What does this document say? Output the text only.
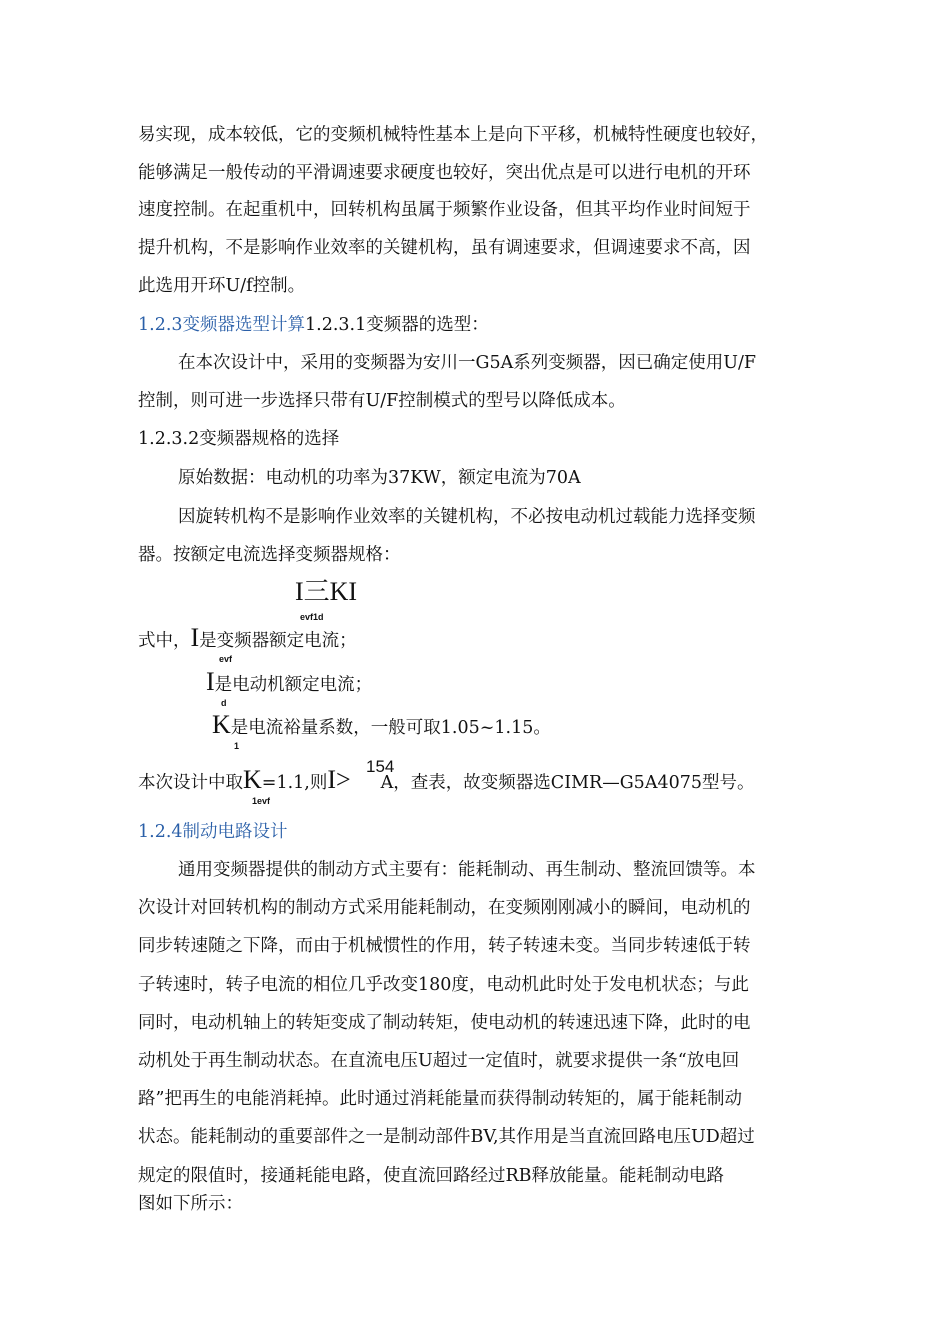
易实现，成本较低，它的变频机械特性基本上是向下平移，机械特性硬度也较好，
能够满足一般传动的平滑调速要求硬度也较好，突出优点是可以进行电机的开环
速度控制。在起重机中，回转机构虽属于频繁作业设备，但其平均作业时间短于
提升机构，不是影响作业效率的关键机构，虽有调速要求，但调速要求不高，因
此选用开环U/f控制。
1.2.3变频器选型计算1.2.3.1变频器的选型：
在本次设计中，采用的变频器为安川一G5A系列变频器，因已确定使用U/F
控制，则可进一步选择只带有U/F控制模式的型号以降低成本。
1.2.3.2变频器规格的选择
原始数据：电动机的功率为37KW，额定电流为70A
因旋转机构不是影响作业效率的关键机构，不必按电动机过载能力选择变频
器。按额定电流选择变频器规格：
I三KI
evf1d
式中，I是变频器额定电流；
evf
I是电动机额定电流；
d
K是电流裕量系数，一般可取1.05~1.15。
1
本次设计中取K=1.1,则I> A，查表，故变频器选CIMR—G5A4075型号。
154
1evf
1.2.4制动电路设计
通用变频器提供的制动方式主要有：能耗制动、再生制动、整流回馈等。本
次设计对回转机构的制动方式采用能耗制动，在变频刚刚减小的瞬间，电动机的
同步转速随之下降，而由于机械惯性的作用，转子转速未变。当同步转速低于转
子转速时，转子电流的相位几乎改变180度，电动机此时处于发电机状态；与此
同时，电动机轴上的转矩变成了制动转矩，使电动机的转速迅速下降，此时的电
动机处于再生制动状态。在直流电压U超过一定值时，就要求提供一条“放电回
路”把再生的电能消耗掉。此时通过消耗能量而获得制动转矩的，属于能耗制动
状态。能耗制动的重要部件之一是制动部件BV,其作用是当直流回路电压UD超过
规定的限值时，接通耗能电路，使直流回路经过RB释放能量。能耗制动电路
图如下所示：
